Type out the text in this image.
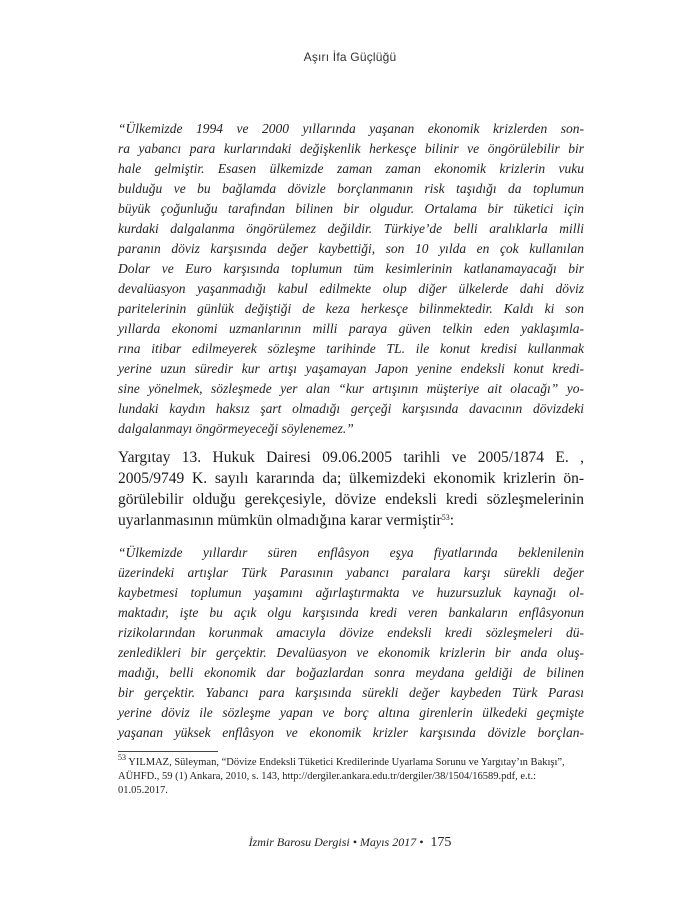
Aşırı İfa Güçlüğü
“Ülkemizde 1994 ve 2000 yıllarında yaşanan ekonomik krizlerden son-
ra yabancı para kurlarındaki değişkenlik herkesçe bilinir ve öngörülebilir bir
hale gelmiştir. Esasen ülkemizde zaman zaman ekonomik krizlerin vuku
bulduğu ve bu bağlamda dövizle borçlanmanın risk taşıdığı da toplumun
büyük çoğunluğu tarafından bilinen bir olgudur. Ortalama bir tüketici için
kurdaki dalgalanma öngörülemez değildir. Türkiye’de belli aralıklarla milli
paranın döviz karşısında değer kaybettiği, son 10 yılda en çok kullanılan
Dolar ve Euro karşısında toplumun tüm kesimlerinin katlanamayacağı bir
devalüasyon yaşanmadığı kabul edilmekte olup diğer ülkelerde dahi döviz
paritelerinin günlük değiştiği de keza herkesçe bilinmektedir. Kaldı ki son
yıllarda ekonomi uzmanlarının milli paraya güven telkin eden yaklaşımla-
rına itibar edilmeyerek sözleşme tarihinde TL. ile konut kredisi kullanmak
yerine uzun süredir kur artışı yaşamayan Japon yenine endeksli konut kredi-
sine yönelmek, sözleşmede yer alan “kur artışının müşteriye ait olacağı” yo-
lundaki kaydın haksız şart olmadığı gerçeği karşısında davacının dövizdeki
dalgalanmayı öngörmeyeceği söylenemez.”
Yargıtay 13. Hukuk Dairesi 09.06.2005 tarihli ve 2005/1874 E. ,
2005/9749 K. sayılı kararında da; ülkemizdeki ekonomik krizlerin ön-
görülebilir olduğu gerekçesiyle, dövize endeksli kredi sözleşmelerinin
uyarlanmasının mümkün olmadığına karar vermiştir$^{53}$:
“Ülkemizde yıllardır süren enflâsyon eşya fiyatlarında beklenilenin
üzerindeki artışlar Türk Parasının yabancı paralara karşı sürekli değer
kaybetmesi toplumun yaşamını ağırlaştırmakta ve huzursuzluk kaynağı ol-
maktadır, işte bu açık olgu karşısında kredi veren bankaların enflâsyonun
rizikolarından korunmak amacıyla dövize endeksli kredi sözleşmeleri dü-
zenledikleri bir gerçektir. Devalüasyon ve ekonomik krizlerin bir anda oluş-
madığı, belli ekonomik dar boğazlardan sonra meydana geldiği de bilinen
bir gerçektir. Yabancı para karşısında sürekli değer kaybeden Türk Parası
yerine döviz ile sözleşme yapan ve borç altına girenlerin ülkedeki geçmişte
yaşanan yüksek enflâsyon ve ekonomik krizler karşısında dövizle borçlan-
$^{53}$ YILMAZ, Süleyman, “Dövize Endeksli Tüketici Kredilerinde Uyarlama Sorunu ve Yargıtay’ın Bakışı”,
AÜHFD., 59 (1) Ankara, 2010, s. 143, http://dergiler.ankara.edu.tr/dergiler/38/1504/16589.pdf, e.t.:
01.05.2017.
İzmir Barosu Dergisi • Mayıs 2017 • 175
